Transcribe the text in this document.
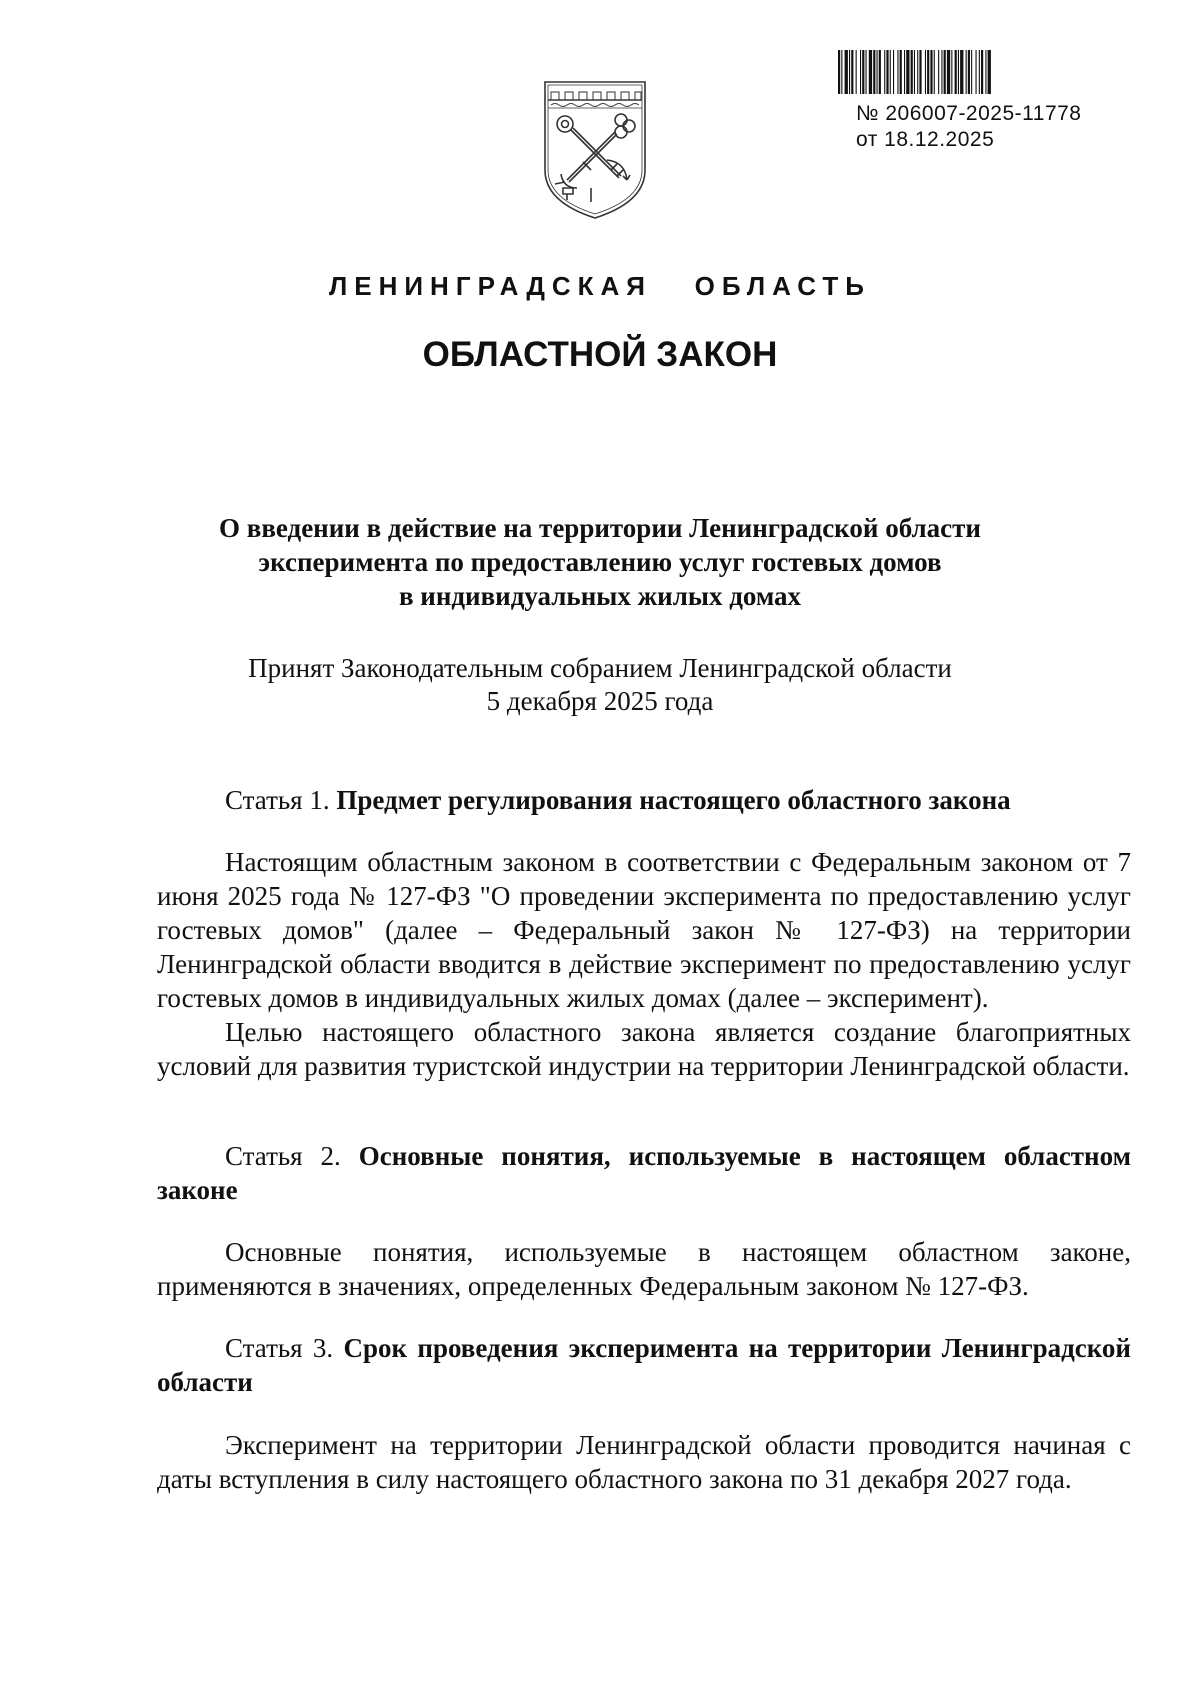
№ 206007-2025-11778
от 18.12.2025
ЛЕНИНГРАДСКАЯ   ОБЛАСТЬ
ОБЛАСТНОЙ ЗАКОН
О введении в действие на территории Ленинградской области
эксперимента по предоставлению услуг гостевых домов
в индивидуальных жилых домах
Принят Законодательным собранием Ленинградской области
5 декабря 2025 года
Статья 1. Предмет регулирования настоящего областного закона

Настоящим областным законом в соответствии с Федеральным законом от 7 июня 2025 года № 127-ФЗ "О проведении эксперимента по предоставлению услуг гостевых домов" (далее – Федеральный закон № 127-ФЗ) на территории Ленинградской области вводится в действие эксперимент по предоставлению услуг гостевых домов в индивидуальных жилых домах (далее – эксперимент).

Целью настоящего областного закона является создание благоприятных условий для развития туристской индустрии на территории Ленинградской области.

Статья 2. Основные понятия, используемые в настоящем областном законе

Основные понятия, используемые в настоящем областном законе, применяются в значениях, определенных Федеральным законом № 127-ФЗ.

Статья 3. Срок проведения эксперимента на территории Ленинградской области

Эксперимент на территории Ленинградской области проводится начиная с даты вступления в силу настоящего областного закона по 31 декабря 2027 года.
